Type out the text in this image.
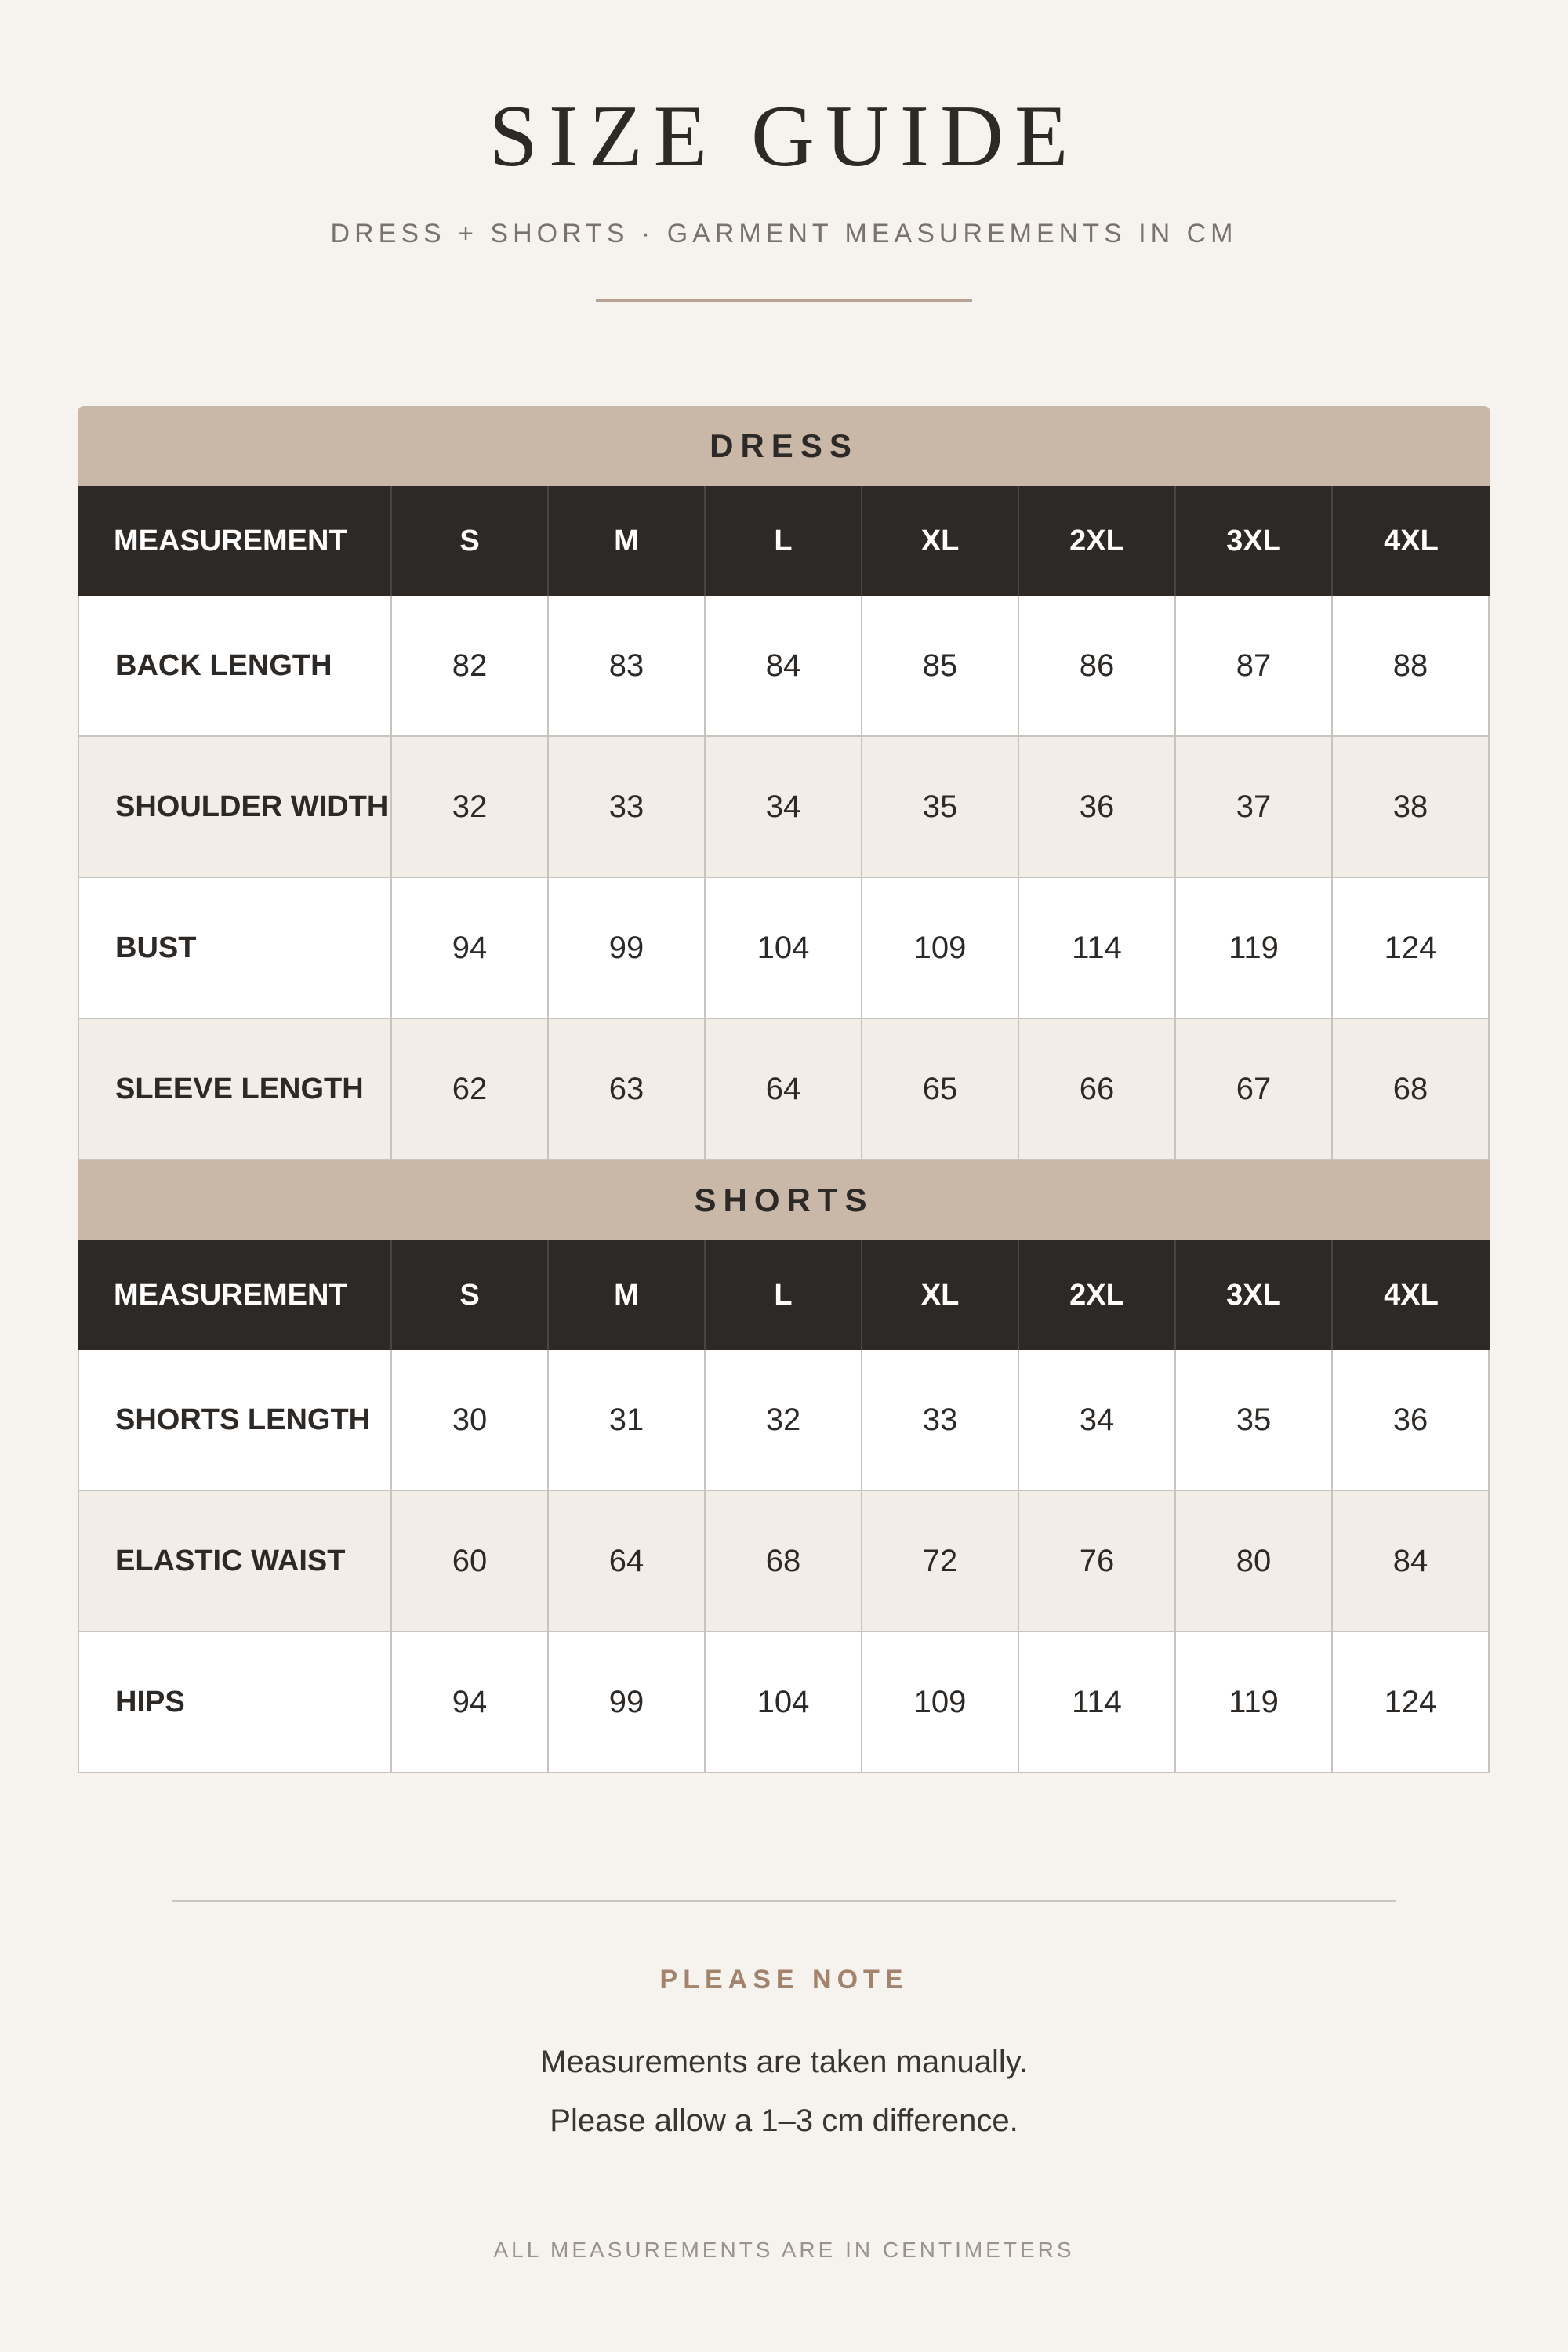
SIZE GUIDE
DRESS + SHORTS · GARMENT MEASUREMENTS IN CM
DRESS
MEASUREMENT	S	M	L	XL	2XL	3XL	4XL
BACK LENGTH	82	83	84	85	86	87	88
SHOULDER WIDTH	32	33	34	35	36	37	38
BUST	94	99	104	109	114	119	124
SLEEVE LENGTH	62	63	64	65	66	67	68
SHORTS
MEASUREMENT	S	M	L	XL	2XL	3XL	4XL
SHORTS LENGTH	30	31	32	33	34	35	36
ELASTIC WAIST	60	64	68	72	76	80	84
HIPS	94	99	104	109	114	119	124
PLEASE NOTE
Measurements are taken manually.
Please allow a 1–3 cm difference.
ALL MEASUREMENTS ARE IN CENTIMETERS
